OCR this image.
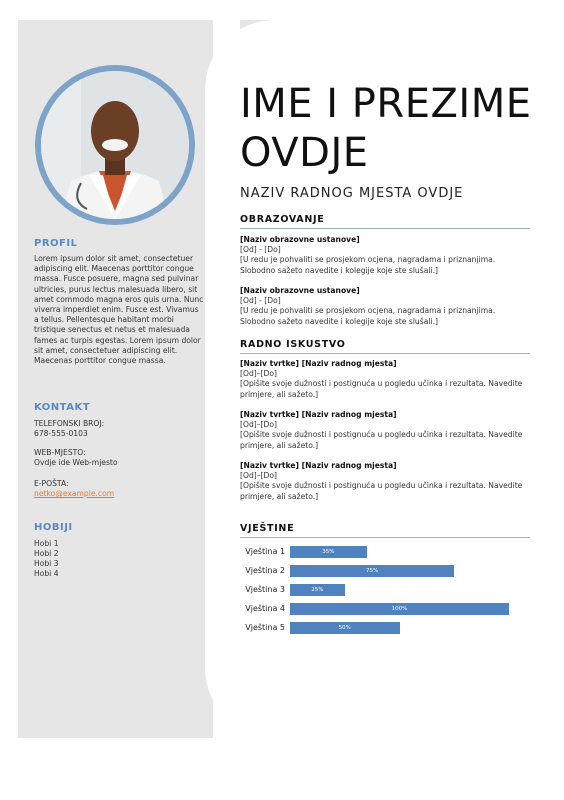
PROFIL
Lorem ipsum dolor sit amet, consectetuer adipiscing elit. Maecenas porttitor congue massa. Fusce posuere, magna sed pulvinar ultricies, purus lectus malesuada libero, sit amet commodo magna eros quis urna. Nunc viverra imperdiet enim. Fusce est. Vivamus a tellus. Pellentesque habitant morbi tristique senectus et netus et malesuada fames ac turpis egestas. Lorem ipsum dolor sit amet, consectetuer adipiscing elit. Maecenas porttitor congue massa.
KONTAKT
TELEFONSKI BROJ:
678-555-0103
WEB-MJESTO:
Ovdje ide Web-mjesto
E-POŠTA:
netko@example.com
HOBIJI
Hobi 1
Hobi 2
Hobi 3
Hobi 4
IME I PREZIME OVDJE
NAZIV RADNOG MJESTA OVDJE
OBRAZOVANJE
[Naziv obrazovne ustanove]
[Od] - [Do]
[U redu je pohvaliti se prosjekom ocjena, nagradama i priznanjima. Slobodno sažeto navedite i kolegije koje ste slušali.]
[Naziv obrazovne ustanove]
[Od] - [Do]
[U redu je pohvaliti se prosjekom ocjena, nagradama i priznanjima. Slobodno sažeto navedite i kolegije koje ste slušali.]
RADNO ISKUSTVO
[Naziv tvrtke] [Naziv radnog mjesta]
[Od]–[Do]
[Opišite svoje dužnosti i postignuća u pogledu učinka i rezultata. Navedite primjere, ali sažeto.]
[Naziv tvrtke] [Naziv radnog mjesta]
[Od]–[Do]
[Opišite svoje dužnosti i postignuća u pogledu učinka i rezultata. Navedite primjere, ali sažeto.]
[Naziv tvrtke] [Naziv radnog mjesta]
[Od]–[Do]
[Opišite svoje dužnosti i postignuća u pogledu učinka i rezultata. Navedite primjere, ali sažeto.]
VJEŠTINE
Vještina 1	35%
Vještina 2	75%
Vještina 3	25%
Vještina 4	100%
Vještina 5	50%
